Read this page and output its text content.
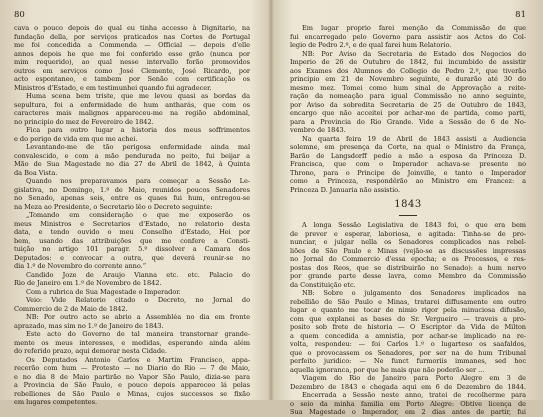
80
cava o pouco depois do qual eu tinha accesso à Dignitario, na
fundação della, por serviços praticados nas Cortes de Portugal
me foi concedida a Commenda — Official — depois d'elle
annos depois he que me foi conferido esse grão (nunca por
mim requerido), ao qual nesse intervallo forão promovidos
outros em serviços como José Clemente, José Ricardo, por
acto espontaneo, e tambem por Senão com certificação os
Ministros d'Estado, e em testimunhei quando fui agradecer.
Huma scena bem triste, que me levou quasi as bordas da
sepultura, foi a enfermidade de hum antharás, que com os
caracteres mais malignos appareceu-me na região abdominal,
no principio do mez de Fevereiro de 1842.
Fica para outro lugar a historia dos meus soffrimentos
e do perigo de vida em que me achei.
Levantando-me de tão perigosa enfermidade ainda mal
convalescido, e com a mão pendurada no peito, fui beijar a
Mão de Sua Magestade no dia 27 de Abril de 1842, à Quinta
da Boa Vista.
Quando nos preparavamos para começar a Sessão Le-
gislativa, no Domingo, 1.º de Maio, reunidos poucos Senadores
no Senado, apenas seis, entre os quaes fui hum, entregou-se
na Meza ao Presidente, o Secretario lêo o Decreto seguinte:
„Tomando em consideração o que me exposerão os
meus Ministros e Secretarios d'Estado, no relatorio desta
data, e tendo ouvido o meu Conselho d'Estado, Hei por
bem, usando das attribuições que me confere a Consti-
tuição no artigo 101 paragr. 5.º dissolver a Camara dos
Deputados: e convocar a outra, que deverá reunir-se no
dia 1.º de Novembro do corrente anno.”
Candido Joze de Araujo Vianna etc. etc. Palacio do
Rio de Janeiro em 1.º de Novembro de 1842.
Com a rubrica de Sua Magestade o Imperador.
Veio: Vide Relatorio citado o Decreto, no Jornal do
Commercio de 2 de Maio de 1842.
NB: Por outro acto se abrio a Assembléa no dia em fronte
aprazado, mas sim no 1.º de Janeiro de 1843.
Este acto do Governo de tal maneira transtornar grande-
mente os meus interesses, e medidas, esperando ainda além
do referido prazo, aqui demorar nesta Cidade.
Os Deputados Antonio Carlos e Martim Francisco, appa-
recerão com hum — Protesto — no Diario do Rio — 7 de Maio,
e no dia 8 de Maio partirão no Vapor São Paulo, dizia-se para
a Provincia de São Paulo, e pouco depois appareceo lá pelas
rebelliones de São Paulo e Minas, cujos successos se fixão
em lugares competentes.
81
Em lugar proprio farei menção da Commissão de que
fui encarregado pelo Governo para assistir aos Actos do Col-
legio de Pedro 2.º, e do qual farei hum Relatorio.
NB: Por Aviso da Secretaria de Estado dos Negocios do
Imperio de 26 de Outubro de 1842, fui incumbido de assistir
aos Exames dos Alumnos do Collegio de Pedro 2.º, que tiverão
principio em 21 de Novembro seguinte, e durarão até 30 do
mesmo mez. Tomei como hum sinal de Approvação a reite-
ração da nomeação para igual Commissão no anno seguinte,
por Aviso da sobredita Secretaria de 25 de Outubro de 1843,
encargo que não acceitei por achar-me de partida, como parti,
para a Provincia do Rio Grande. Vide a Sessão de 6 de No-
vembro de 1843.
Na quarta feira 19 de Abril de 1843 assisti a Audiencia
solemne, em presença da Corte, na qual o Ministro da França,
Barão de Langsdorff pedio a mão a esposa da Princeza D.
Francisca, que com o Imperador achava-se presente no
Throno, para o Principe de Joinville, e tanto o Imperador
como a Princeza, respondêrão ao Ministro em Francez: a
Princeza D. Januaria não assistio.
1843
A longa Sessão Legislativa de 1843 foi, o que era bem
de prever e esperar, laboriosa, e agitada: Tinha-se de pro-
nunciar, e julgar nella os Senadores complicados nas rebel-
liões de São Paulo e Minas (vejão-se as discussões impressas
no Jornal do Commercio d'essa epocha; e os Processos, e res-
postas dos Reos, que se distribuirão no Senado): a hum nervo
por grande parte desse lavra, como Membro da Commissão
da Constituição etc.
NB: Sobre o julgamento dos Senadores implicados na
rebellião de São Paulo e Minas, tratarei diffusamente em outro
lugar e quanto me tocar de nimio rigor pela minuciosa difusão,
com que explanei as bases do Sr. Vergueiro — traveis a pro-
posito sob frete de historia — O Escriptor da Vida de Milton
a quem concedida a amnistia, por achar-se implicado na re-
volta, respondeu: — foi Carlos 1.º o lugarteso os saafaldos,
que o provocassem os Senadores, por ser na de hum Tribunal
perfeito juridico: — Ne funct furmoriis immanes, sed hoc
aquella ignoranca, por que he mais que não poderão ser ...
Viagem do Rio de Janeiro para Porto Alegre em 3 de
Dezembro de 1843 e chegada aqui em 6 de Dezembro de 1844.
Encerrada a Sessão neste anno, tratei de recolherme para
o seio da minha familia em Porto Alegre: Obtive licença de
Sua Magestade o Imperador, em 2 dias antes de partir, fui
